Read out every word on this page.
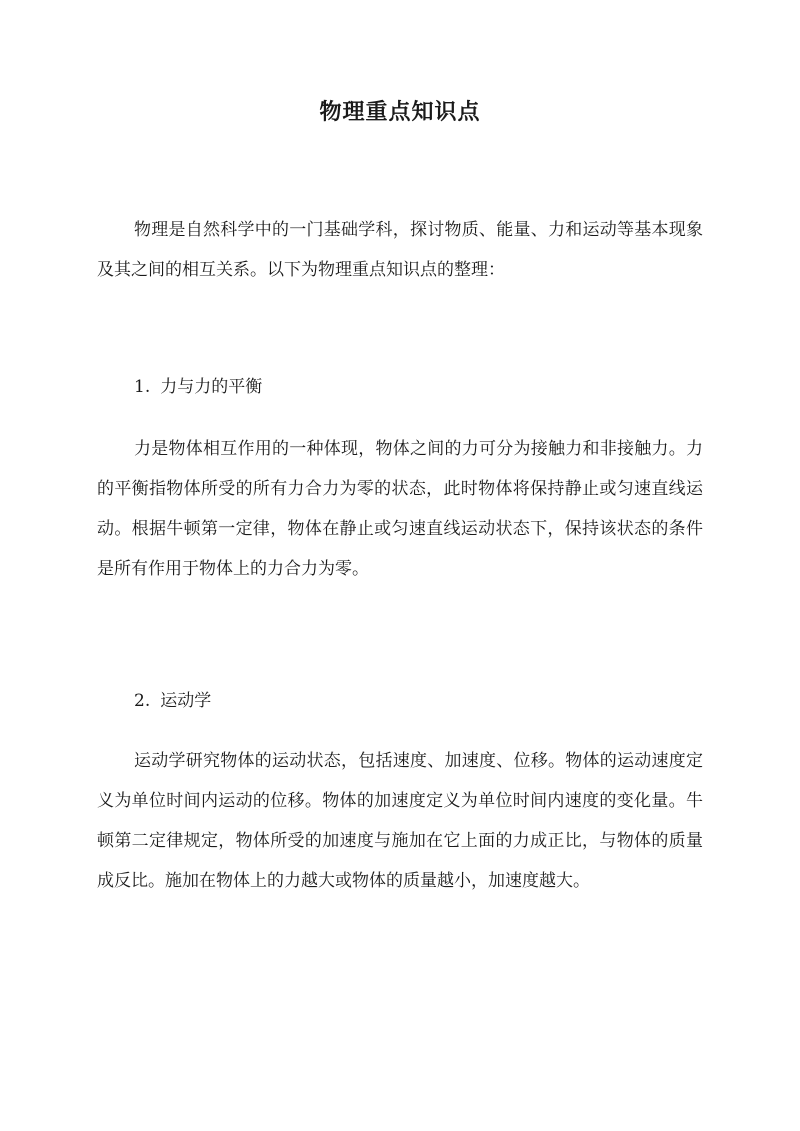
物理重点知识点

物理是自然科学中的一门基础学科，探讨物质、能量、力和运动等基本现象及其之间的相互关系。以下为物理重点知识点的整理：

1. 力与力的平衡

力是物体相互作用的一种体现，物体之间的力可分为接触力和非接触力。力的平衡指物体所受的所有力合力为零的状态，此时物体将保持静止或匀速直线运动。根据牛顿第一定律，物体在静止或匀速直线运动状态下，保持该状态的条件是所有作用于物体上的力合力为零。

2. 运动学

运动学研究物体的运动状态，包括速度、加速度、位移。物体的运动速度定义为单位时间内运动的位移。物体的加速度定义为单位时间内速度的变化量。牛顿第二定律规定，物体所受的加速度与施加在它上面的力成正比，与物体的质量成反比。施加在物体上的力越大或物体的质量越小，加速度越大。
